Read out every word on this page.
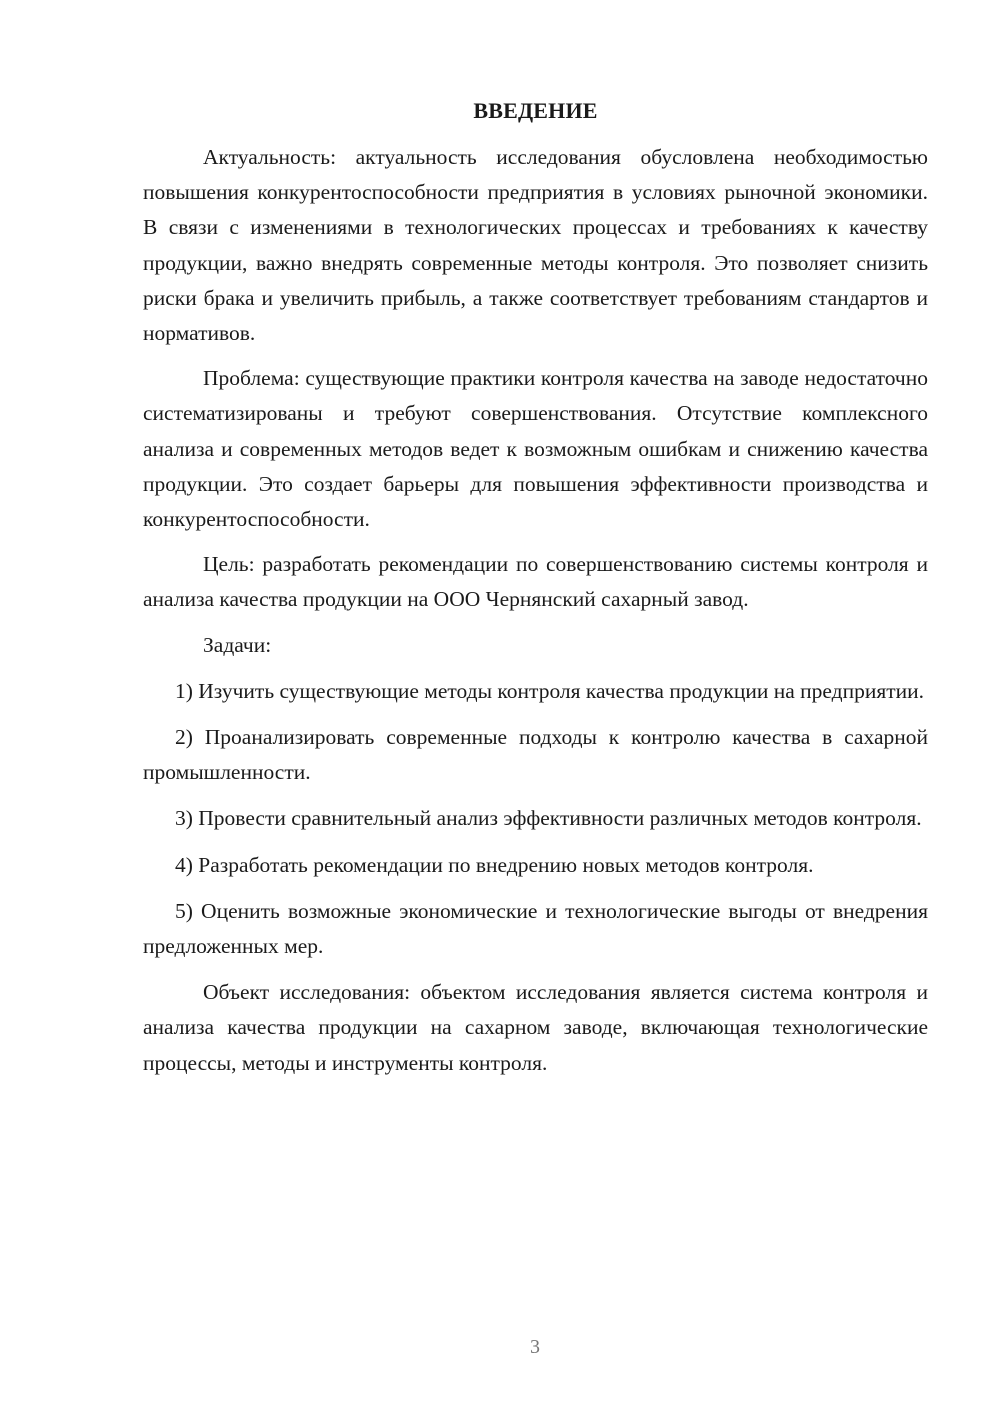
ВВЕДЕНИЕ

Актуальность: актуальность исследования обусловлена необходимостью повышения конкурентоспособности предприятия в условиях рыночной экономики. В связи с изменениями в технологических процессах и требованиях к качеству продукции, важно внедрять современные методы контроля. Это позволяет снизить риски брака и увеличить прибыль, а также соответствует требованиям стандартов и нормативов.

Проблема: существующие практики контроля качества на заводе недостаточно систематизированы и требуют совершенствования. Отсутствие комплексного анализа и современных методов ведет к возможным ошибкам и снижению качества продукции. Это создает барьеры для повышения эффективности производства и конкурентоспособности.

Цель: разработать рекомендации по совершенствованию системы контроля и анализа качества продукции на ООО Чернянский сахарный завод.

Задачи:

1) Изучить существующие методы контроля качества продукции на предприятии.

2) Проанализировать современные подходы к контролю качества в сахарной промышленности.

3) Провести сравнительный анализ эффективности различных методов контроля.

4) Разработать рекомендации по внедрению новых методов контроля.

5) Оценить возможные экономические и технологические выгоды от внедрения предложенных мер.

Объект исследования: объектом исследования является система контроля и анализа качества продукции на сахарном заводе, включающая технологические процессы, методы и инструменты контроля.

3
